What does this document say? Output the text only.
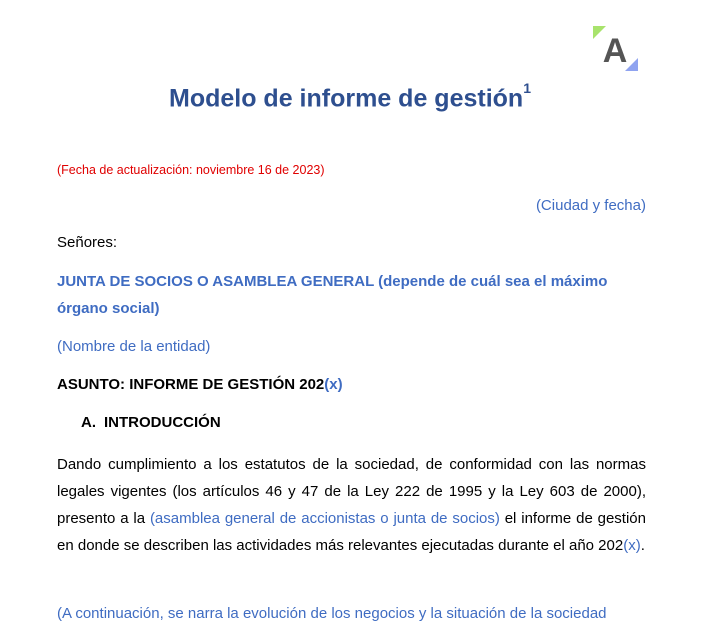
A
Modelo de informe de gestión$^1$
(Fecha de actualización: noviembre 16 de 2023)
(Ciudad y fecha)
Señores:
JUNTA DE SOCIOS O ASAMBLEA GENERAL (depende de cuál sea el máximo órgano social)
(Nombre de la entidad)
ASUNTO: INFORME DE GESTIÓN 202(x)
A. INTRODUCCIÓN
Dando cumplimiento a los estatutos de la sociedad, de conformidad con las normas legales vigentes (los artículos 46 y 47 de la Ley 222 de 1995 y la Ley 603 de 2000), presento a la (asamblea general de accionistas o junta de socios) el informe de gestión en donde se describen las actividades más relevantes ejecutadas durante el año 202(x).
(A continuación, se narra la evolución de los negocios y la situación de la sociedad
